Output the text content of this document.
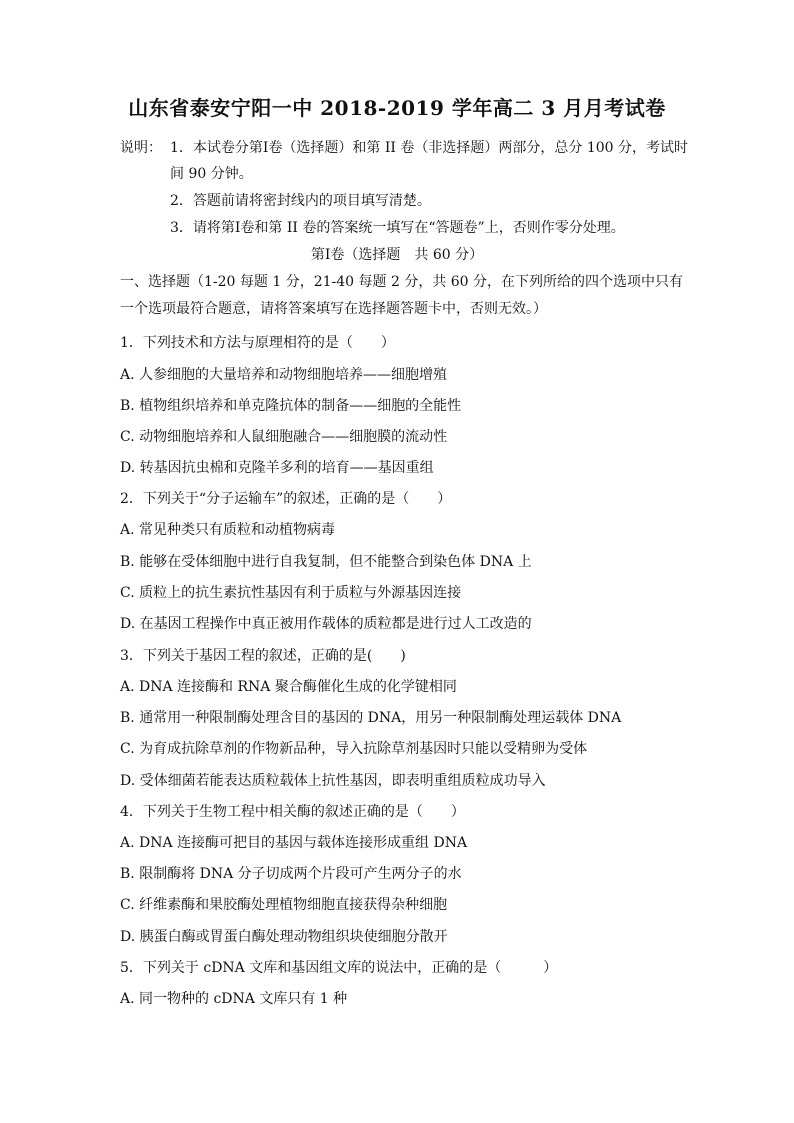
山东省泰安宁阳一中 2018-2019 学年高二 3 月月考试卷
说明： 1．本试卷分第Ⅰ卷（选择题）和第 II 卷（非选择题）两部分，总分 100 分，考试时
间 90 分钟。
2．答题前请将密封线内的项目填写清楚。
3．请将第Ⅰ卷和第 II 卷的答案统一填写在“答题卷”上，否则作零分处理。
第Ⅰ卷（选择题　共 60 分）
一、选择题（1-20 每题 1 分，21-40 每题 2 分，共 60 分，在下列所给的四个选项中只有
一个选项最符合题意，请将答案填写在选择题答题卡中，否则无效。）
1．下列技术和方法与原理相符的是（　　）
A. 人参细胞的大量培养和动物细胞培养——细胞增殖
B. 植物组织培养和单克隆抗体的制备——细胞的全能性
C. 动物细胞培养和人鼠细胞融合——细胞膜的流动性
D. 转基因抗虫棉和克隆羊多利的培育——基因重组
2．下列关于“分子运输车”的叙述，正确的是（　　）
A. 常见种类只有质粒和动植物病毒
B. 能够在受体细胞中进行自我复制，但不能整合到染色体 DNA 上
C. 质粒上的抗生素抗性基因有利于质粒与外源基因连接
D. 在基因工程操作中真正被用作载体的质粒都是进行过人工改造的
3．下列关于基因工程的叙述，正确的是(　　)
A. DNA 连接酶和 RNA 聚合酶催化生成的化学键相同
B. 通常用一种限制酶处理含目的基因的 DNA，用另一种限制酶处理运载体 DNA
C. 为育成抗除草剂的作物新品种，导入抗除草剂基因时只能以受精卵为受体
D. 受体细菌若能表达质粒载体上抗性基因，即表明重组质粒成功导入
4．下列关于生物工程中相关酶的叙述正确的是（　　）
A. DNA 连接酶可把目的基因与载体连接形成重组 DNA
B. 限制酶将 DNA 分子切成两个片段可产生两分子的水
C. 纤维素酶和果胶酶处理植物细胞直接获得杂种细胞
D. 胰蛋白酶或胃蛋白酶处理动物组织块使细胞分散开
5．下列关于 cDNA 文库和基因组文库的说法中，正确的是（　　　）
A. 同一物种的 cDNA 文库只有 1 种
